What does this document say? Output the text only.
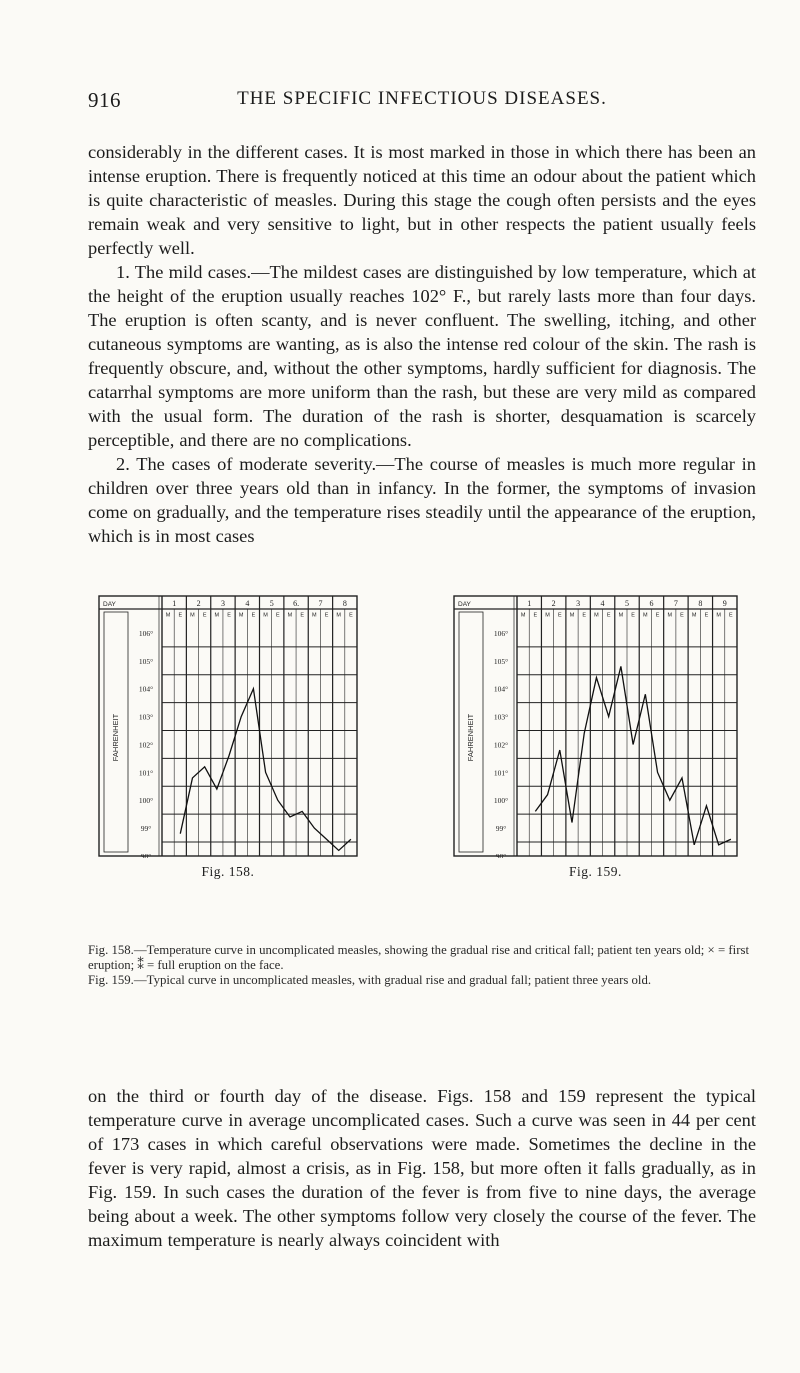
916	THE SPECIFIC INFECTIOUS DISEASES.

considerably in the different cases. It is most marked in those in which there has been an intense eruption. There is frequently noticed at this time an odour about the patient which is quite characteristic of measles. During this stage the cough often persists and the eyes remain weak and very sensitive to light, but in other respects the patient usually feels perfectly well.

1. The mild cases.—The mildest cases are distinguished by low temperature, which at the height of the eruption usually reaches 102° F., but rarely lasts more than four days. The eruption is often scanty, and is never confluent. The swelling, itching, and other cutaneous symptoms are wanting, as is also the intense red colour of the skin. The rash is frequently obscure, and, without the other symptoms, hardly sufficient for diagnosis. The catarrhal symptoms are more uniform than the rash, but these are very mild as compared with the usual form. The duration of the rash is shorter, desquamation is scarcely perceptible, and there are no complications.

2. The cases of moderate severity.—The course of measles is much more regular in children over three years old than in infancy. In the former, the symptoms of invasion come on gradually, and the temperature rises steadily until the appearance of the eruption, which is in most cases

DAY
FAHRENHEIT
1
M E
2
M E
3
M E
4
M E
5
M E
6.
M E
7
M E
8
M E
106°
105°
104°
103°
102°
101°
100°
99°
98°
Fig. 158.
DAY
FAHRENHEIT
1
M E
2
M E
3
M E
4
M E
5
M E
6
M E
7
M E
8
M E
9
M E
106°
105°
104°
103°
102°
101°
100°
99°
98°
Fig. 159.

Fig. 158.—Temperature curve in uncomplicated measles, showing the gradual rise and critical fall; patient ten years old; × = first eruption; ⁑ = full eruption on the face.

Fig. 159.—Typical curve in uncomplicated measles, with gradual rise and gradual fall; patient three years old.

on the third or fourth day of the disease. Figs. 158 and 159 represent the typical temperature curve in average uncomplicated cases. Such a curve was seen in 44 per cent of 173 cases in which careful observations were made. Sometimes the decline in the fever is very rapid, almost a crisis, as in Fig. 158, but more often it falls gradually, as in Fig. 159. In such cases the duration of the fever is from five to nine days, the average being about a week. The other symptoms follow very closely the course of the fever. The maximum temperature is nearly always coincident with
